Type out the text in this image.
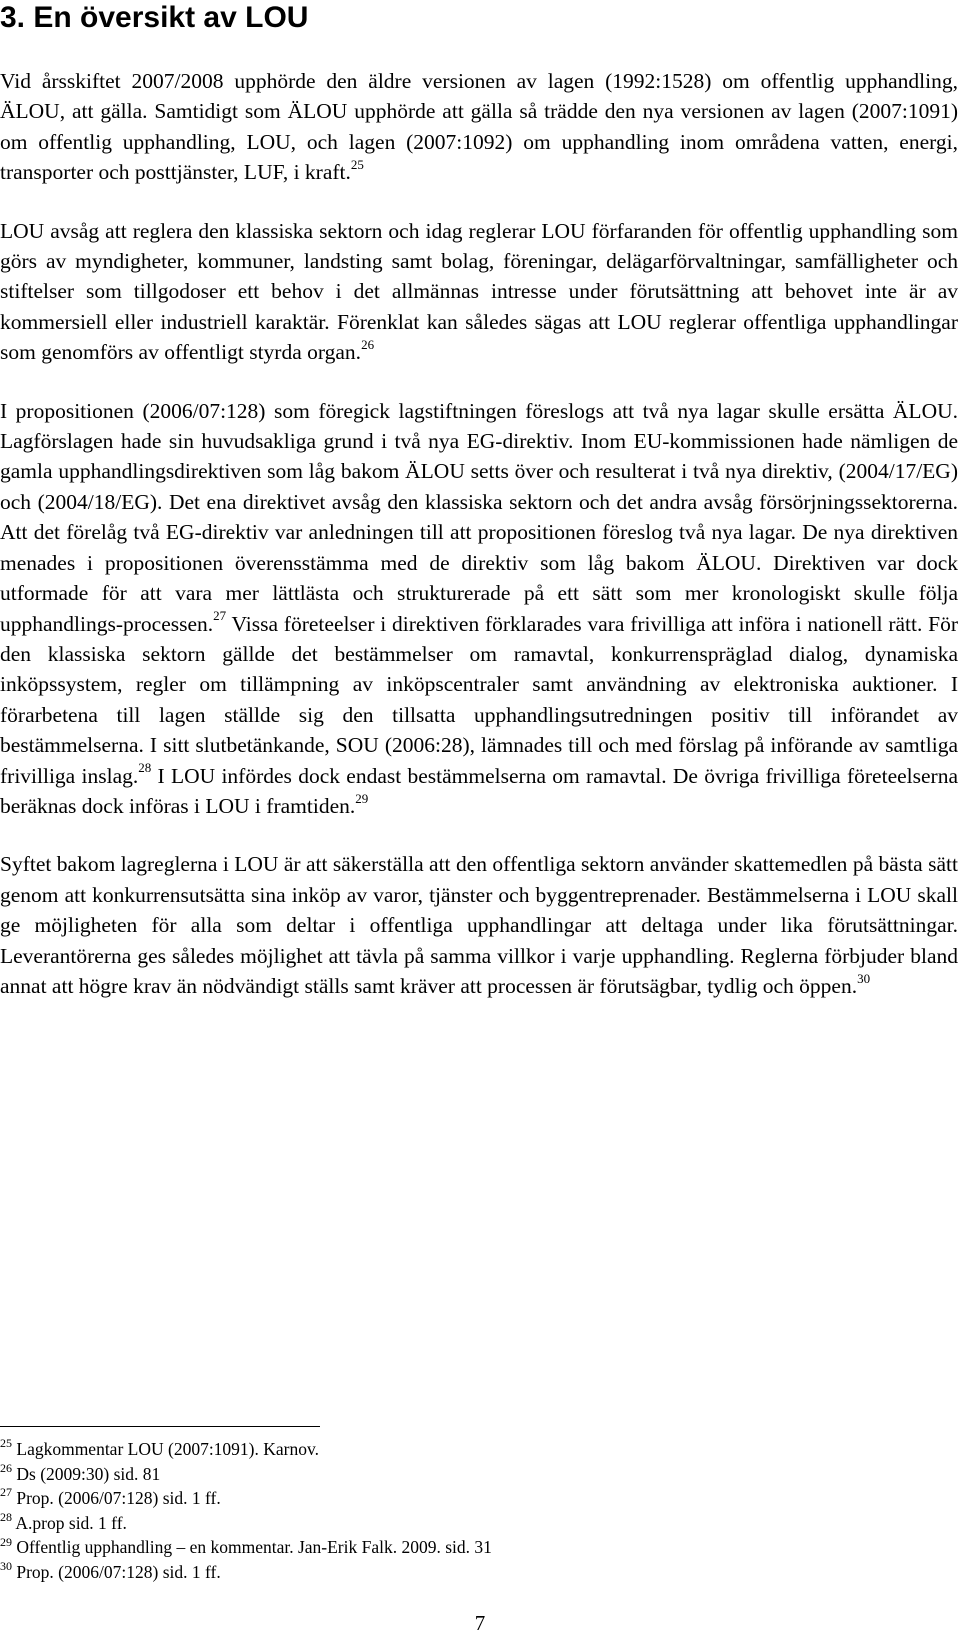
3. En översikt av LOU

Vid årsskiftet 2007/2008 upphörde den äldre versionen av lagen (1992:1528) om offentlig upphandling, ÄLOU, att gälla. Samtidigt som ÄLOU upphörde att gälla så trädde den nya versionen av lagen (2007:1091) om offentlig upphandling, LOU, och lagen (2007:1092) om upphandling inom områdena vatten, energi, transporter och posttjänster, LUF, i kraft.$^{25}$

LOU avsåg att reglera den klassiska sektorn och idag reglerar LOU förfaranden för offentlig upphandling som görs av myndigheter, kommuner, landsting samt bolag, föreningar, delägarförvaltningar, samfälligheter och stiftelser som tillgodoser ett behov i det allmännas intresse under förutsättning att behovet inte är av kommersiell eller industriell karaktär. Förenklat kan således sägas att LOU reglerar offentliga upphandlingar som genomförs av offentligt styrda organ.$^{26}$

I propositionen (2006/07:128) som föregick lagstiftningen föreslogs att två nya lagar skulle ersätta ÄLOU. Lagförslagen hade sin huvudsakliga grund i två nya EG-direktiv. Inom EU-kommissionen hade nämligen de gamla upphandlingsdirektiven som låg bakom ÄLOU setts över och resulterat i två nya direktiv, (2004/17/EG) och (2004/18/EG). Det ena direktivet avsåg den klassiska sektorn och det andra avsåg försörjningssektorerna. Att det förelåg två EG-direktiv var anledningen till att propositionen föreslog två nya lagar. De nya direktiven menades i propositionen överensstämma med de direktiv som låg bakom ÄLOU. Direktiven var dock utformade för att vara mer lättlästa och strukturerade på ett sätt som mer kronologiskt skulle följa upphandlings-processen.$^{27}$ Vissa företeelser i direktiven förklarades vara frivilliga att införa i nationell rätt. För den klassiska sektorn gällde det bestämmelser om ramavtal, konkurrenspräglad dialog, dynamiska inköpssystem, regler om tillämpning av inköpscentraler samt användning av elektroniska auktioner. I förarbetena till lagen ställde sig den tillsatta upphandlingsutredningen positiv till införandet av bestämmelserna. I sitt slutbetänkande, SOU (2006:28), lämnades till och med förslag på införande av samtliga frivilliga inslag.$^{28}$ I LOU infördes dock endast bestämmelserna om ramavtal. De övriga frivilliga företeelserna beräknas dock införas i LOU i framtiden.$^{29}$

Syftet bakom lagreglerna i LOU är att säkerställa att den offentliga sektorn använder skattemedlen på bästa sätt genom att konkurrensutsätta sina inköp av varor, tjänster och byggentreprenader. Bestämmelserna i LOU skall ge möjligheten för alla som deltar i offentliga upphandlingar att deltaga under lika förutsättningar. Leverantörerna ges således möjlighet att tävla på samma villkor i varje upphandling. Reglerna förbjuder bland annat att högre krav än nödvändigt ställs samt kräver att processen är förutsägbar, tydlig och öppen.$^{30}$

$^{25}$ Lagkommentar LOU (2007:1091). Karnov.
$^{26}$ Ds (2009:30) sid. 81
$^{27}$ Prop. (2006/07:128) sid. 1 ff.
$^{28}$ A.prop sid. 1 ff.
$^{29}$ Offentlig upphandling – en kommentar. Jan-Erik Falk. 2009. sid. 31
$^{30}$ Prop. (2006/07:128) sid. 1 ff.
7
